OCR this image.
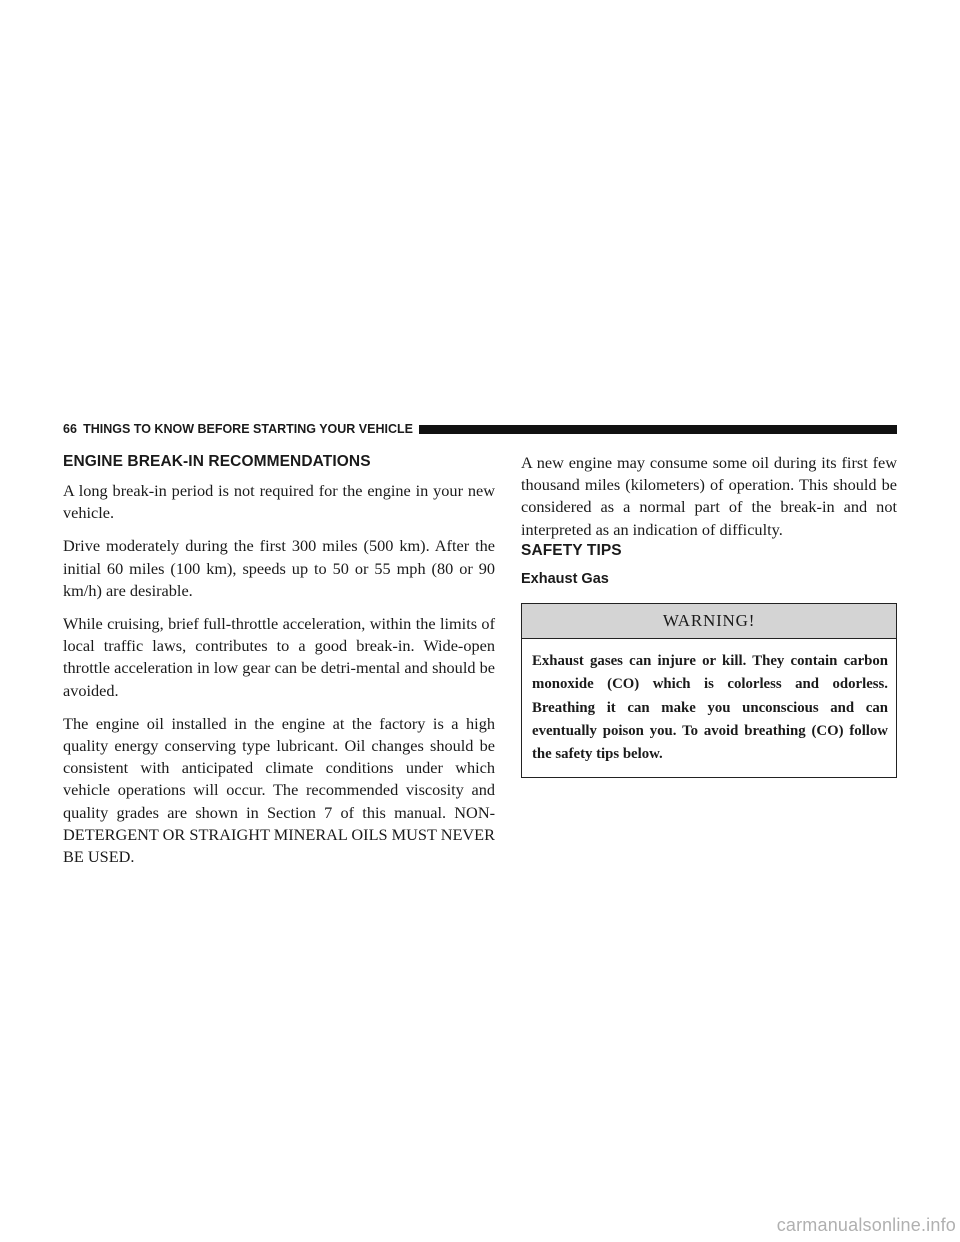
66 THINGS TO KNOW BEFORE STARTING YOUR VEHICLE
ENGINE BREAK-IN RECOMMENDATIONS

A long break-in period is not required for the engine in your new vehicle.

Drive moderately during the first 300 miles (500 km). After the initial 60 miles (100 km), speeds up to 50 or 55 mph (80 or 90 km/h) are desirable.

While cruising, brief full-throttle acceleration, within the limits of local traffic laws, contributes to a good break-in. Wide-open throttle acceleration in low gear can be detri-mental and should be avoided.

The engine oil installed in the engine at the factory is a high quality energy conserving type lubricant. Oil changes should be consistent with anticipated climate conditions under which vehicle operations will occur. The recommended viscosity and quality grades are shown in Section 7 of this manual. NON-DETERGENT OR STRAIGHT MINERAL OILS MUST NEVER BE USED.

A new engine may consume some oil during its first few thousand miles (kilometers) of operation. This should be considered as a normal part of the break-in and not interpreted as an indication of difficulty.

SAFETY TIPS
Exhaust Gas
WARNING!

Exhaust gases can injure or kill. They contain carbon monoxide (CO) which is colorless and odorless. Breathing it can make you unconscious and can eventually poison you. To avoid breathing (CO) follow the safety tips below.

carmanualsonline.info
